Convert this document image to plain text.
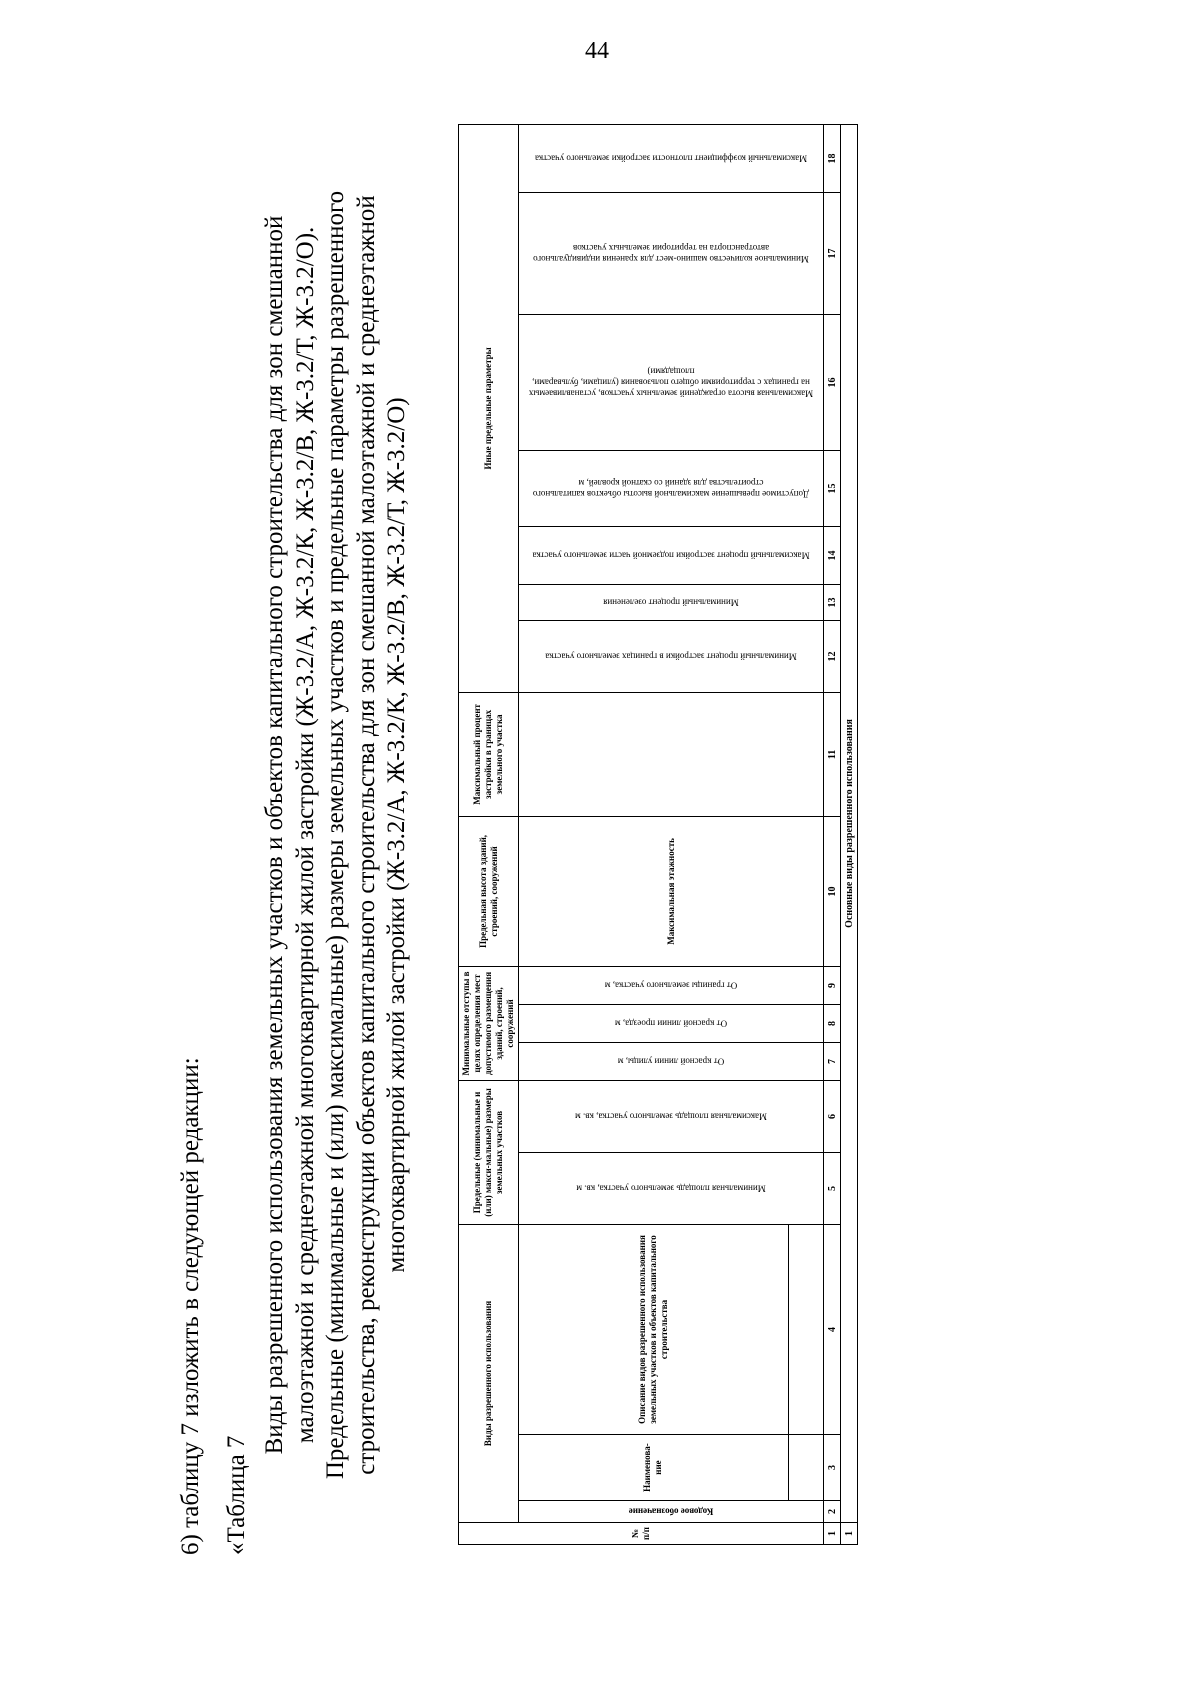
44
6) таблицу 7 изложить в следующей редакции: «Таблица 7
Виды разрешенного использования земельных участков и объектов капитального строительства для зон смешанной малоэтажной и среднеэтажной многоквартирной жилой застройки (Ж-3.2/А, Ж-3.2/К, Ж-3.2/В, Ж-3.2/Т, Ж-3.2/О). Предельные (минимальные и (или) максимальные) размеры земельных участков и предельные параметры разрешенного строительства, реконструкции объектов капитального строительства для зон смешанной малоэтажной и среднеэтажной многоквартирной жилой застройки (Ж-3.2/А, Ж-3.2/К, Ж-3.2/В, Ж-3.2/Т, Ж-3.2/О)
№ п/п	Виды разрешенного использования			Предельные (минимальные и (или) макси-мальные) размеры земельных участков		Минимальные отступы в целях определения мест допустимого размещения зданий, строений, сооружений			Предельная высота зданий, строений, сооружений	Максимальный процент застройки в границах земельного участка	Иные предельные параметры						

	Кодовое обозначение	Наименова-ние	Описание видов разрешенного использования земельных участков и объектов капитального строительства	Минимальная площадь земельного участка, кв. м	Максимальная площадь земельного участка, кв. м	От красной линии улицы, м	От красной линии проезда, м	От границы земельного участка, м	Максимальная этажность		Минимальный процент застройки в границах земельного участка	Минимальный процент озеленения	Максимальный процент застройки подземной части земельного участка	Допустимое превышение максимальной высоты объектов капитального строительства для зданий со скатной кровлей, м	Максимальная высота ограждений земельных участков, устанавливаемых на границах с территориями общего пользования (улицами, бульварами, площадями)	Минимальное количество машино-мест для хранения индивидуального автотранспорта на территории земельных участков	Максимальный коэффициент плотности застройки земельного участка

1	2	3	4	5	6	7	8	9	10	11	12	13	14	15	16	17	18
1	Основные виды разрешенного использования																
